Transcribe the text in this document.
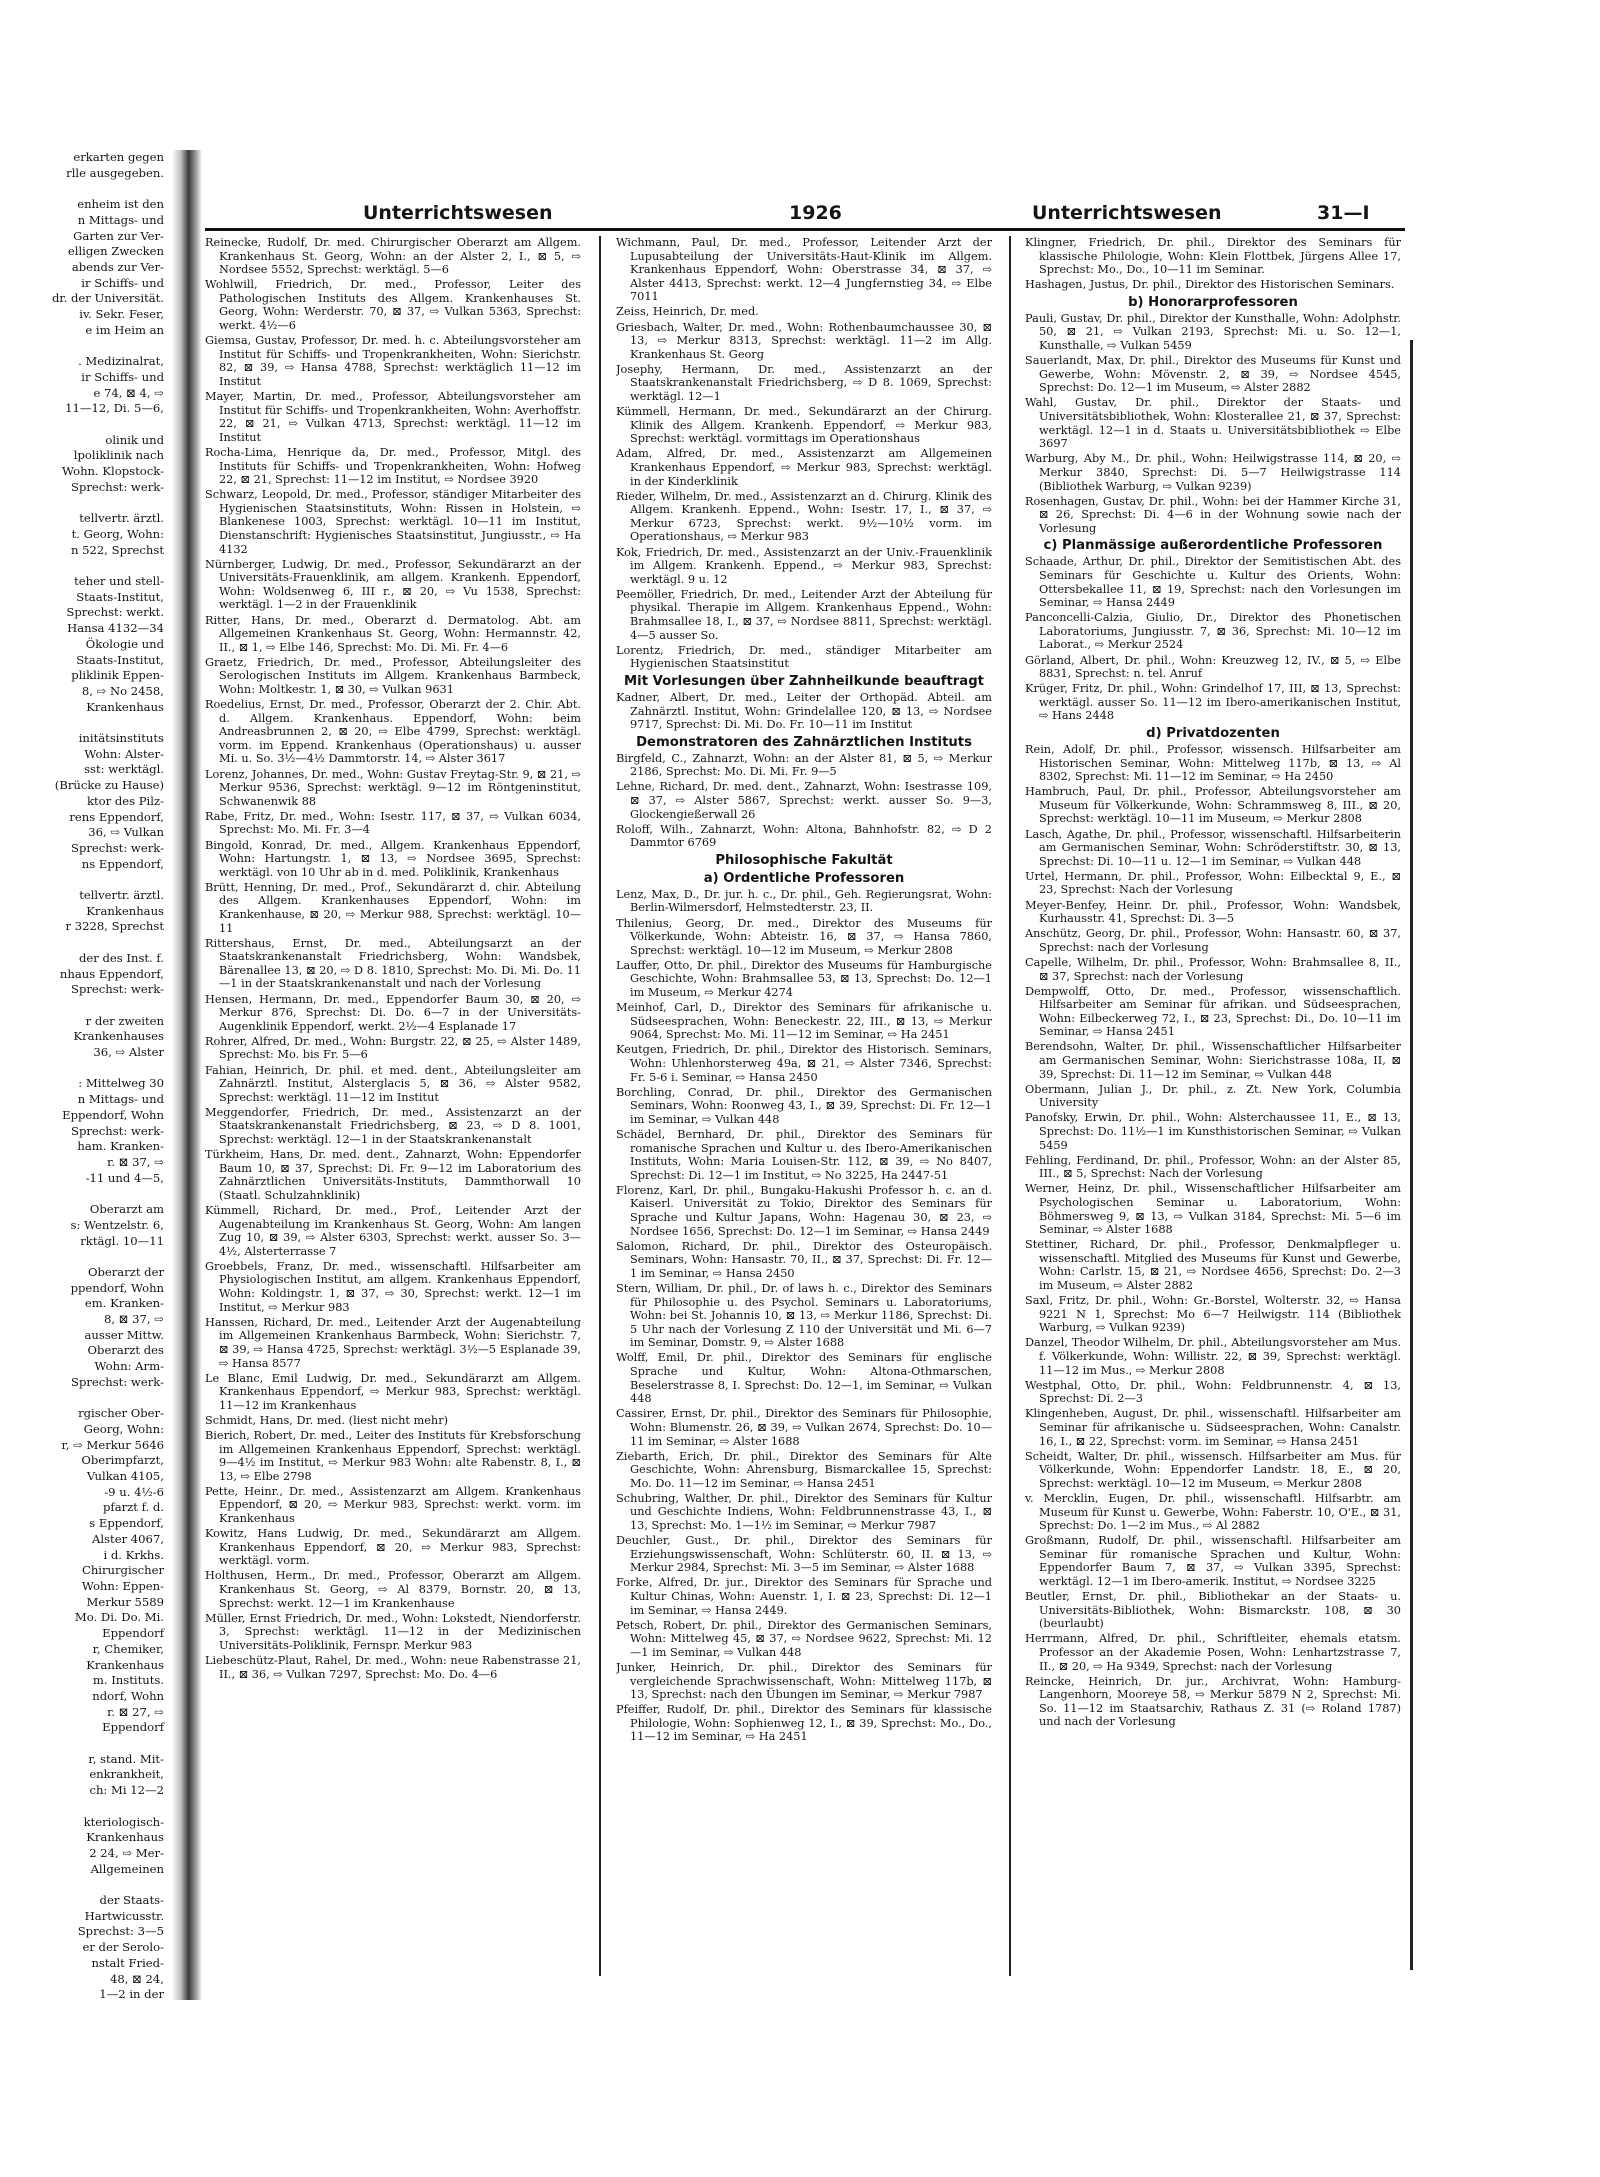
erkarten gegen
rlle ausgegeben.

enheim ist den
n Mittags- und
Garten zur Ver-
elligen Zwecken
abends zur Ver-
ir Schiffs- und
dr. der Universität.
iv. Sekr. Feser,
e im Heim an

. Medizinalrat,
ir Schiffs- und
e 74, ⊠ 4, ⇨
11—12, Di. 5—6,

olinik und
lpoliklinik nach
Wohn. Klopstock-
Sprechst: werk-

tellvertr. ärztl.
t. Georg, Wohn:
n 522, Sprechst

teher und stell-
Staats-Institut,
Sprechst: werkt.
Hansa 4132—34
Ökologie und
Staats-Institut,
pliklinik Eppen-
8, ⇨ No 2458,
Krankenhaus

initätsinstituts
Wohn: Alster-
sst: werktägl.
(Brücke zu Hause)
ktor des Pilz-
rens Eppendorf,
36, ⇨ Vulkan
Sprechst: werk-
ns Eppendorf,

tellvertr. ärztl.
Krankenhaus
r 3228, Sprechst

der des Inst. f.
nhaus Eppendorf,
Sprechst: werk-

r der zweiten
Krankenhauses
36, ⇨ Alster

: Mittelweg 30
n Mittags- und
Eppendorf, Wohn
Sprechst: werk-
ham. Kranken-
r. ⊠ 37, ⇨
-11 und 4—5,

Oberarzt am
s: Wentzelstr. 6,
rktägl. 10—11

Oberarzt der
ppendorf, Wohn
em. Kranken-
8, ⊠ 37, ⇨
ausser Mittw.
Oberarzt des
Wohn: Arm-
Sprechst: werk-

rgischer Ober-
Georg, Wohn:
r, ⇨ Merkur 5646
Oberimpfarzt,
Vulkan 4105,
-9 u. 4½-6
pfarzt f. d.
s Eppendorf,
Alster 4067,
i d. Krkhs.
Chirurgischer
Wohn: Eppen-
Merkur 5589
Mo. Di. Do. Mi.
Eppendorf
r, Chemiker,
Krankenhaus
m. Instituts.
ndorf, Wohn
r. ⊠ 27, ⇨
Eppendorf

r, stand. Mit-
enkrankheit,
ch: Mi 12—2

kteriologisch-
Krankenhaus
2 24, ⇨ Mer-
Allgemeinen

der Staats-
Hartwicusstr.
Sprechst: 3—5
er der Serolo-
nstalt Fried-
48, ⊠ 24,
1—2 in der
Unterrichtswesen	1926	Unterrichtswesen	31—I
Reinecke, Rudolf, Dr. med. Chirurgischer Oberarzt am Allgem. Krankenhaus St. Georg, Wohn: an der Alster 2, I., ⊠ 5, ⇨ Nordsee 5552, Sprechst: werktägl. 5—6
Wohlwill, Friedrich, Dr. med., Professor, Leiter des Pathologischen Instituts des Allgem. Krankenhauses St. Georg, Wohn: Werderstr. 70, ⊠ 37, ⇨ Vulkan 5363, Sprechst: werkt. 4½—6
Giemsa, Gustav, Professor, Dr. med. h. c. Abteilungsvorsteher am Institut für Schiffs- und Tropenkrankheiten, Wohn: Sierichstr. 82, ⊠ 39, ⇨ Hansa 4788, Sprechst: werktäglich 11—12 im Institut
Mayer, Martin, Dr. med., Professor, Abteilungsvorsteher am Institut für Schiffs- und Tropenkrankheiten, Wohn: Averhoffstr. 22, ⊠ 21, ⇨ Vulkan 4713, Sprechst: werktägl. 11—12 im Institut
Rocha-Lima, Henrique da, Dr. med., Professor, Mitgl. des Instituts für Schiffs- und Tropenkrankheiten, Wohn: Hofweg 22, ⊠ 21, Sprechst: 11—12 im Institut, ⇨ Nordsee 3920
Schwarz, Leopold, Dr. med., Professor, ständiger Mitarbeiter des Hygienischen Staatsinstituts, Wohn: Rissen in Holstein, ⇨ Blankenese 1003, Sprechst: werktägl. 10—11 im Institut, Dienstanschrift: Hygienisches Staatsinstitut, Jungiusstr., ⇨ Ha 4132
Nürnberger, Ludwig, Dr. med., Professor, Sekundärarzt an der Universitäts-Frauenklinik, am allgem. Krankenh. Eppendorf, Wohn: Woldsenweg 6, III r., ⊠ 20, ⇨ Vu 1538, Sprechst: werktägl. 1—2 in der Frauenklinik
Ritter, Hans, Dr. med., Oberarzt d. Dermatolog. Abt. am Allgemeinen Krankenhaus St. Georg, Wohn: Hermannstr. 42, II., ⊠ 1, ⇨ Elbe 146, Sprechst: Mo. Di. Mi. Fr. 4—6
Graetz, Friedrich, Dr. med., Professor, Abteilungsleiter des Serologischen Instituts im Allgem. Krankenhaus Barmbeck, Wohn: Moltkestr. 1, ⊠ 30, ⇨ Vulkan 9631
Roedelius, Ernst, Dr. med., Professor, Oberarzt der 2. Chir. Abt. d. Allgem. Krankenhaus. Eppendorf, Wohn: beim Andreasbrunnen 2, ⊠ 20, ⇨ Elbe 4799, Sprechst: werktägl. vorm. im Eppend. Krankenhaus (Operationshaus) u. ausser Mi. u. So. 3½—4½ Dammtorstr. 14, ⇨ Alster 3617
Lorenz, Johannes, Dr. med., Wohn: Gustav Freytag-Str. 9, ⊠ 21, ⇨ Merkur 9536, Sprechst: werktägl. 9—12 im Röntgeninstitut, Schwanenwik 88
Rabe, Fritz, Dr. med., Wohn: Isestr. 117, ⊠ 37, ⇨ Vulkan 6034, Sprechst: Mo. Mi. Fr. 3—4
Bingold, Konrad, Dr. med., Allgem. Krankenhaus Eppendorf, Wohn: Hartungstr. 1, ⊠ 13, ⇨ Nordsee 3695, Sprechst: werktägl. von 10 Uhr ab in d. med. Poliklinik, Krankenhaus
Brütt, Henning, Dr. med., Prof., Sekundärarzt d. chir. Abteilung des Allgem. Krankenhauses Eppendorf, Wohn: im Krankenhause, ⊠ 20, ⇨ Merkur 988, Sprechst: werktägl. 10—11
Rittershaus, Ernst, Dr. med., Abteilungsarzt an der Staatskrankenanstalt Friedrichsberg, Wohn: Wandsbek, Bärenallee 13, ⊠ 20, ⇨ D 8. 1810, Sprechst: Mo. Di. Mi. Do. 11—1 in der Staatskrankenanstalt und nach der Vorlesung
Hensen, Hermann, Dr. med., Eppendorfer Baum 30, ⊠ 20, ⇨ Merkur 876, Sprechst: Di. Do. 6—7 in der Universitäts-Augenklinik Eppendorf, werkt. 2½—4 Esplanade 17
Rohrer, Alfred, Dr. med., Wohn: Burgstr. 22, ⊠ 25, ⇨ Alster 1489, Sprechst: Mo. bis Fr. 5—6
Fahian, Heinrich, Dr. phil. et med. dent., Abteilungsleiter am Zahnärztl. Institut, Alsterglacis 5, ⊠ 36, ⇨ Alster 9582, Sprechst: werktägl. 11—12 im Institut
Meggendorfer, Friedrich, Dr. med., Assistenzarzt an der Staatskrankenanstalt Friedrichsberg, ⊠ 23, ⇨ D 8. 1001, Sprechst: werktägl. 12—1 in der Staatskrankenanstalt
Türkheim, Hans, Dr. med. dent., Zahnarzt, Wohn: Eppendorfer Baum 10, ⊠ 37, Sprechst: Di. Fr. 9—12 im Laboratorium des Zahnärztlichen Universitäts-Instituts, Dammthorwall 10 (Staatl. Schulzahnklinik)
Kümmell, Richard, Dr. med., Prof., Leitender Arzt der Augenabteilung im Krankenhaus St. Georg, Wohn: Am langen Zug 10, ⊠ 39, ⇨ Alster 6303, Sprechst: werkt. ausser So. 3—4½, Alsterterrasse 7
Groebbels, Franz, Dr. med., wissenschaftl. Hilfsarbeiter am Physiologischen Institut, am allgem. Krankenhaus Eppendorf, Wohn: Koldingstr. 1, ⊠ 37, ⇨ 30, Sprechst: werkt. 12—1 im Institut, ⇨ Merkur 983
Hanssen, Richard, Dr. med., Leitender Arzt der Augenabteilung im Allgemeinen Krankenhaus Barmbeck, Wohn: Sierichstr. 7, ⊠ 39, ⇨ Hansa 4725, Sprechst: werktägl. 3½—5 Esplanade 39, ⇨ Hansa 8577
Le Blanc, Emil Ludwig, Dr. med., Sekundärarzt am Allgem. Krankenhaus Eppendorf, ⇨ Merkur 983, Sprechst: werktägl. 11—12 im Krankenhaus
Schmidt, Hans, Dr. med. (liest nicht mehr)
Bierich, Robert, Dr. med., Leiter des Instituts für Krebsforschung im Allgemeinen Krankenhaus Eppendorf, Sprechst: werktägl. 9—4½ im Institut, ⇨ Merkur 983 Wohn: alte Rabenstr. 8, I., ⊠ 13, ⇨ Elbe 2798
Pette, Heinr., Dr. med., Assistenzarzt am Allgem. Krankenhaus Eppendorf, ⊠ 20, ⇨ Merkur 983, Sprechst: werkt. vorm. im Krankenhaus
Kowitz, Hans Ludwig, Dr. med., Sekundärarzt am Allgem. Krankenhaus Eppendorf, ⊠ 20, ⇨ Merkur 983, Sprechst: werktägl. vorm.
Holthusen, Herm., Dr. med., Professor, Oberarzt am Allgem. Krankenhaus St. Georg, ⇨ Al 8379, Bornstr. 20, ⊠ 13, Sprechst: werkt. 12—1 im Krankenhause
Müller, Ernst Friedrich, Dr. med., Wohn: Lokstedt, Niendorferstr. 3, Sprechst: werktägl. 11—12 in der Medizinischen Universitäts-Poliklinik, Fernspr. Merkur 983
Liebeschütz-Plaut, Rahel, Dr. med., Wohn: neue Rabenstrasse 21, II., ⊠ 36, ⇨ Vulkan 7297, Sprechst: Mo. Do. 4—6
Wichmann, Paul, Dr. med., Professor, Leitender Arzt der Lupusabteilung der Universitäts-Haut-Klinik im Allgem. Krankenhaus Eppendorf, Wohn: Oberstrasse 34, ⊠ 37, ⇨ Alster 4413, Sprechst: werkt. 12—4 Jungfernstieg 34, ⇨ Elbe 7011
Zeiss, Heinrich, Dr. med.
Griesbach, Walter, Dr. med., Wohn: Rothenbaumchaussee 30, ⊠ 13, ⇨ Merkur 8313, Sprechst: werktägl. 11—2 im Allg. Krankenhaus St. Georg
Josephy, Hermann, Dr. med., Assistenzarzt an der Staatskrankenanstalt Friedrichsberg, ⇨ D 8. 1069, Sprechst: werktägl. 12—1
Kümmell, Hermann, Dr. med., Sekundärarzt an der Chirurg. Klinik des Allgem. Krankenh. Eppendorf, ⇨ Merkur 983, Sprechst: werktägl. vormittags im Operationshaus
Adam, Alfred, Dr. med., Assistenzarzt am Allgemeinen Krankenhaus Eppendorf, ⇨ Merkur 983, Sprechst: werktägl. in der Kinderklinik
Rieder, Wilhelm, Dr. med., Assistenzarzt an d. Chirurg. Klinik des Allgem. Krankenh. Eppend., Wohn: Isestr. 17, I., ⊠ 37, ⇨ Merkur 6723, Sprechst: werkt. 9½—10½ vorm. im Operationshaus, ⇨ Merkur 983
Kok, Friedrich, Dr. med., Assistenzarzt an der Univ.-Frauenklinik im Allgem. Krankenh. Eppend., ⇨ Merkur 983, Sprechst: werktägl. 9 u. 12
Peemöller, Friedrich, Dr. med., Leitender Arzt der Abteilung für physikal. Therapie im Allgem. Krankenhaus Eppend., Wohn: Brahmsallee 18, I., ⊠ 37, ⇨ Nordsee 8811, Sprechst: werktägl. 4—5 ausser So.
Lorentz, Friedrich, Dr. med., ständiger Mitarbeiter am Hygienischen Staatsinstitut
Mit Vorlesungen über Zahnheilkunde beauftragt
Kadner, Albert, Dr. med., Leiter der Orthopäd. Abteil. am Zahnärztl. Institut, Wohn: Grindelallee 120, ⊠ 13, ⇨ Nordsee 9717, Sprechst: Di. Mi. Do. Fr. 10—11 im Institut
Demonstratoren des Zahnärztlichen Instituts
Birgfeld, C., Zahnarzt, Wohn: an der Alster 81, ⊠ 5, ⇨ Merkur 2186, Sprechst: Mo. Di. Mi. Fr. 9—5
Lehne, Richard, Dr. med. dent., Zahnarzt, Wohn: Isestrasse 109, ⊠ 37, ⇨ Alster 5867, Sprechst: werkt. ausser So. 9—3, Glockengießerwall 26
Roloff, Wilh., Zahnarzt, Wohn: Altona, Bahnhofstr. 82, ⇨ D 2 Dammtor 6769
Philosophische Fakultät
a) Ordentliche Professoren
Lenz, Max, D., Dr. jur. h. c., Dr. phil., Geh. Regierungsrat, Wohn: Berlin-Wilmersdorf, Helmstedterstr. 23, II.
Thilenius, Georg, Dr. med., Direktor des Museums für Völkerkunde, Wohn: Abteistr. 16, ⊠ 37, ⇨ Hansa 7860, Sprechst: werktägl. 10—12 im Museum, ⇨ Merkur 2808
Lauffer, Otto, Dr. phil., Direktor des Museums für Hamburgische Geschichte, Wohn: Brahmsallee 53, ⊠ 13, Sprechst: Do. 12—1 im Museum, ⇨ Merkur 4274
Meinhof, Carl, D., Direktor des Seminars für afrikanische u. Südseesprachen, Wohn: Beneckestr. 22, III., ⊠ 13, ⇨ Merkur 9064, Sprechst: Mo. Mi. 11—12 im Seminar, ⇨ Ha 2451
Keutgen, Friedrich, Dr. phil., Direktor des Historisch. Seminars, Wohn: Uhlenhorsterweg 49a, ⊠ 21, ⇨ Alster 7346, Sprechst: Fr. 5-6 i. Seminar, ⇨ Hansa 2450
Borchling, Conrad, Dr. phil., Direktor des Germanischen Seminars, Wohn: Roonweg 43, I., ⊠ 39, Sprechst: Di. Fr. 12—1 im Seminar, ⇨ Vulkan 448
Schädel, Bernhard, Dr. phil., Direktor des Seminars für romanische Sprachen und Kultur u. des Ibero-Amerikanischen Instituts, Wohn: Maria Louisen-Str. 112, ⊠ 39, ⇨ No 8407, Sprechst: Di. 12—1 im Institut, ⇨ No 3225, Ha 2447-51
Florenz, Karl, Dr. phil., Bungaku-Hakushi Professor h. c. an d. Kaiserl. Universität zu Tokio, Direktor des Seminars für Sprache und Kultur Japans, Wohn: Hagenau 30, ⊠ 23, ⇨ Nordsee 1656, Sprechst: Do. 12—1 im Seminar, ⇨ Hansa 2449
Salomon, Richard, Dr. phil., Direktor des Osteuropäisch. Seminars, Wohn: Hansastr. 70, II., ⊠ 37, Sprechst: Di. Fr. 12—1 im Seminar, ⇨ Hansa 2450
Stern, William, Dr. phil., Dr. of laws h. c., Direktor des Seminars für Philosophie u. des Psychol. Seminars u. Laboratoriums, Wohn: bei St. Johannis 10, ⊠ 13, ⇨ Merkur 1186, Sprechst: Di. 5 Uhr nach der Vorlesung Z 110 der Universität und Mi. 6—7 im Seminar, Domstr. 9, ⇨ Alster 1688
Wolff, Emil, Dr. phil., Direktor des Seminars für englische Sprache und Kultur, Wohn: Altona-Othmarschen, Beselerstrasse 8, I. Sprechst: Do. 12—1, im Seminar, ⇨ Vulkan 448
Cassirer, Ernst, Dr. phil., Direktor des Seminars für Philosophie, Wohn: Blumenstr. 26, ⊠ 39, ⇨ Vulkan 2674, Sprechst: Do. 10—11 im Seminar, ⇨ Alster 1688
Ziebarth, Erich, Dr. phil., Direktor des Seminars für Alte Geschichte, Wohn: Ahrensburg, Bismarckallee 15, Sprechst: Mo. Do. 11—12 im Seminar, ⇨ Hansa 2451
Schubring, Walther, Dr. phil., Direktor des Seminars für Kultur und Geschichte Indiens, Wohn: Feldbrunnenstrasse 43, I., ⊠ 13, Sprechst: Mo. 1—1½ im Seminar, ⇨ Merkur 7987
Deuchler, Gust., Dr. phil., Direktor des Seminars für Erziehungswissenschaft, Wohn: Schlüterstr. 60, II. ⊠ 13, ⇨ Merkur 2984, Sprechst: Mi. 3—5 im Seminar, ⇨ Alster 1688
Forke, Alfred, Dr. jur., Direktor des Seminars für Sprache und Kultur Chinas, Wohn: Auenstr. 1, I. ⊠ 23, Sprechst: Di. 12—1 im Seminar, ⇨ Hansa 2449.
Petsch, Robert, Dr. phil., Direktor des Germanischen Seminars, Wohn: Mittelweg 45, ⊠ 37, ⇨ Nordsee 9622, Sprechst: Mi. 12—1 im Seminar, ⇨ Vulkan 448
Junker, Heinrich, Dr. phil., Direktor des Seminars für vergleichende Sprachwissenschaft, Wohn: Mittelweg 117b, ⊠ 13, Sprechst: nach den Übungen im Seminar, ⇨ Merkur 7987
Pfeiffer, Rudolf, Dr. phil., Direktor des Seminars für klassische Philologie, Wohn: Sophienweg 12, I., ⊠ 39, Sprechst: Mo., Do., 11—12 im Seminar, ⇨ Ha 2451
Klingner, Friedrich, Dr. phil., Direktor des Seminars für klassische Philologie, Wohn: Klein Flottbek, Jürgens Allee 17, Sprechst: Mo., Do., 10—11 im Seminar.
Hashagen, Justus, Dr. phil., Direktor des Historischen Seminars.
b) Honorarprofessoren
Pauli, Gustav, Dr. phil., Direktor der Kunsthalle, Wohn: Adolphstr. 50, ⊠ 21, ⇨ Vulkan 2193, Sprechst: Mi. u. So. 12—1, Kunsthalle, ⇨ Vulkan 5459
Sauerlandt, Max, Dr. phil., Direktor des Museums für Kunst und Gewerbe, Wohn: Mövenstr. 2, ⊠ 39, ⇨ Nordsee 4545, Sprechst: Do. 12—1 im Museum, ⇨ Alster 2882
Wahl, Gustav, Dr. phil., Direktor der Staats- und Universitätsbibliothek, Wohn: Klosterallee 21, ⊠ 37, Sprechst: werktägl. 12—1 in d. Staats u. Universitätsbibliothek ⇨ Elbe 3697
Warburg, Aby M., Dr. phil., Wohn: Heilwigstrasse 114, ⊠ 20, ⇨ Merkur 3840, Sprechst: Di. 5—7 Heilwigstrasse 114 (Bibliothek Warburg, ⇨ Vulkan 9239)
Rosenhagen, Gustav, Dr. phil., Wohn: bei der Hammer Kirche 31, ⊠ 26, Sprechst: Di. 4—6 in der Wohnung sowie nach der Vorlesung
c) Planmässige außerordentliche Professoren
Schaade, Arthur, Dr. phil., Direktor der Semitistischen Abt. des Seminars für Geschichte u. Kultur des Orients, Wohn: Ottersbekallee 11, ⊠ 19, Sprechst: nach den Vorlesungen im Seminar, ⇨ Hansa 2449
Panconcelli-Calzia, Giulio, Dr., Direktor des Phonetischen Laboratoriums, Jungiusstr. 7, ⊠ 36, Sprechst: Mi. 10—12 im Laborat., ⇨ Merkur 2524
Görland, Albert, Dr. phil., Wohn: Kreuzweg 12, IV., ⊠ 5, ⇨ Elbe 8831, Sprechst: n. tel. Anruf
Krüger, Fritz, Dr. phil., Wohn: Grindelhof 17, III, ⊠ 13, Sprechst: werktägl. ausser So. 11—12 im Ibero-amerikanischen Institut, ⇨ Hans 2448
d) Privatdozenten
Rein, Adolf, Dr. phil., Professor, wissensch. Hilfsarbeiter am Historischen Seminar, Wohn: Mittelweg 117b, ⊠ 13, ⇨ Al 8302, Sprechst: Mi. 11—12 im Seminar, ⇨ Ha 2450
Hambruch, Paul, Dr. phil., Professor, Abteilungsvorsteher am Museum für Völkerkunde, Wohn: Schrammsweg 8, III., ⊠ 20, Sprechst: werktägl. 10—11 im Museum, ⇨ Merkur 2808
Lasch, Agathe, Dr. phil., Professor, wissenschaftl. Hilfsarbeiterin am Germanischen Seminar, Wohn: Schröderstiftstr. 30, ⊠ 13, Sprechst: Di. 10—11 u. 12—1 im Seminar, ⇨ Vulkan 448
Urtel, Hermann, Dr. phil., Professor, Wohn: Eilbecktal 9, E., ⊠ 23, Sprechst: Nach der Vorlesung
Meyer-Benfey, Heinr. Dr. phil., Professor, Wohn: Wandsbek, Kurhausstr. 41, Sprechst: Di. 3—5
Anschütz, Georg, Dr. phil., Professor, Wohn: Hansastr. 60, ⊠ 37, Sprechst: nach der Vorlesung
Capelle, Wilhelm, Dr. phil., Professor, Wohn: Brahmsallee 8, II., ⊠ 37, Sprechst: nach der Vorlesung
Dempwolff, Otto, Dr. med., Professor, wissenschaftlich. Hilfsarbeiter am Seminar für afrikan. und Südseesprachen, Wohn: Eilbeckerweg 72, I., ⊠ 23, Sprechst: Di., Do. 10—11 im Seminar, ⇨ Hansa 2451
Berendsohn, Walter, Dr. phil., Wissenschaftlicher Hilfsarbeiter am Germanischen Seminar, Wohn: Sierichstrasse 108a, II, ⊠ 39, Sprechst: Di. 11—12 im Seminar, ⇨ Vulkan 448
Obermann, Julian J., Dr. phil., z. Zt. New York, Columbia University
Panofsky, Erwin, Dr. phil., Wohn: Alsterchaussee 11, E., ⊠ 13, Sprechst: Do. 11½—1 im Kunsthistorischen Seminar, ⇨ Vulkan 5459
Fehling, Ferdinand, Dr. phil., Professor, Wohn: an der Alster 85, III., ⊠ 5, Sprechst: Nach der Vorlesung
Werner, Heinz, Dr. phil., Wissenschaftlicher Hilfsarbeiter am Psychologischen Seminar u. Laboratorium, Wohn: Böhmersweg 9, ⊠ 13, ⇨ Vulkan 3184, Sprechst: Mi. 5—6 im Seminar, ⇨ Alster 1688
Stettiner, Richard, Dr. phil., Professor, Denkmalpfleger u. wissenschaftl. Mitglied des Museums für Kunst und Gewerbe, Wohn: Carlstr. 15, ⊠ 21, ⇨ Nordsee 4656, Sprechst: Do. 2—3 im Museum, ⇨ Alster 2882
Saxl, Fritz, Dr. phil., Wohn: Gr.-Borstel, Wolterstr. 32, ⇨ Hansa 9221 N 1, Sprechst: Mo 6—7 Heilwigstr. 114 (Bibliothek Warburg, ⇨ Vulkan 9239)
Danzel, Theodor Wilhelm, Dr. phil., Abteilungsvorsteher am Mus. f. Völkerkunde, Wohn: Willistr. 22, ⊠ 39, Sprechst: werktägl. 11—12 im Mus., ⇨ Merkur 2808
Westphal, Otto, Dr. phil., Wohn: Feldbrunnenstr. 4, ⊠ 13, Sprechst: Di. 2—3
Klingenheben, August, Dr. phil., wissenschaftl. Hilfsarbeiter am Seminar für afrikanische u. Südseesprachen, Wohn: Canalstr. 16, I., ⊠ 22, Sprechst: vorm. im Seminar, ⇨ Hansa 2451
Scheidt, Walter, Dr. phil., wissensch. Hilfsarbeiter am Mus. für Völkerkunde, Wohn: Eppendorfer Landstr. 18, E., ⊠ 20, Sprechst: werktägl. 10—12 im Museum, ⇨ Merkur 2808
v. Mercklin, Eugen, Dr. phil., wissenschaftl. Hilfsarbtr. am Museum für Kunst u. Gewerbe, Wohn: Faberstr. 10, O'E., ⊠ 31, Sprechst: Do. 1—2 im Mus., ⇨ Al 2882
Großmann, Rudolf, Dr. phil., wissenschaftl. Hilfsarbeiter am Seminar für romanische Sprachen und Kultur, Wohn: Eppendorfer Baum 7, ⊠ 37, ⇨ Vulkan 3395, Sprechst: werktägl. 12—1 im Ibero-amerik. Institut, ⇨ Nordsee 3225
Beutler, Ernst, Dr. phil., Bibliothekar an der Staats- u. Universitäts-Bibliothek, Wohn: Bismarckstr. 108, ⊠ 30 (beurlaubt)
Herrmann, Alfred, Dr. phil., Schriftleiter, ehemals etatsm. Professor an der Akademie Posen, Wohn: Lenhartzstrasse 7, II., ⊠ 20, ⇨ Ha 9349, Sprechst: nach der Vorlesung
Reincke, Heinrich, Dr. jur., Archivrat, Wohn: Hamburg-Langenhorn, Mooreye 58, ⇨ Merkur 5879 N 2, Sprechst: Mi. So. 11—12 im Staatsarchiv, Rathaus Z. 31 (⇨ Roland 1787) und nach der Vorlesung
